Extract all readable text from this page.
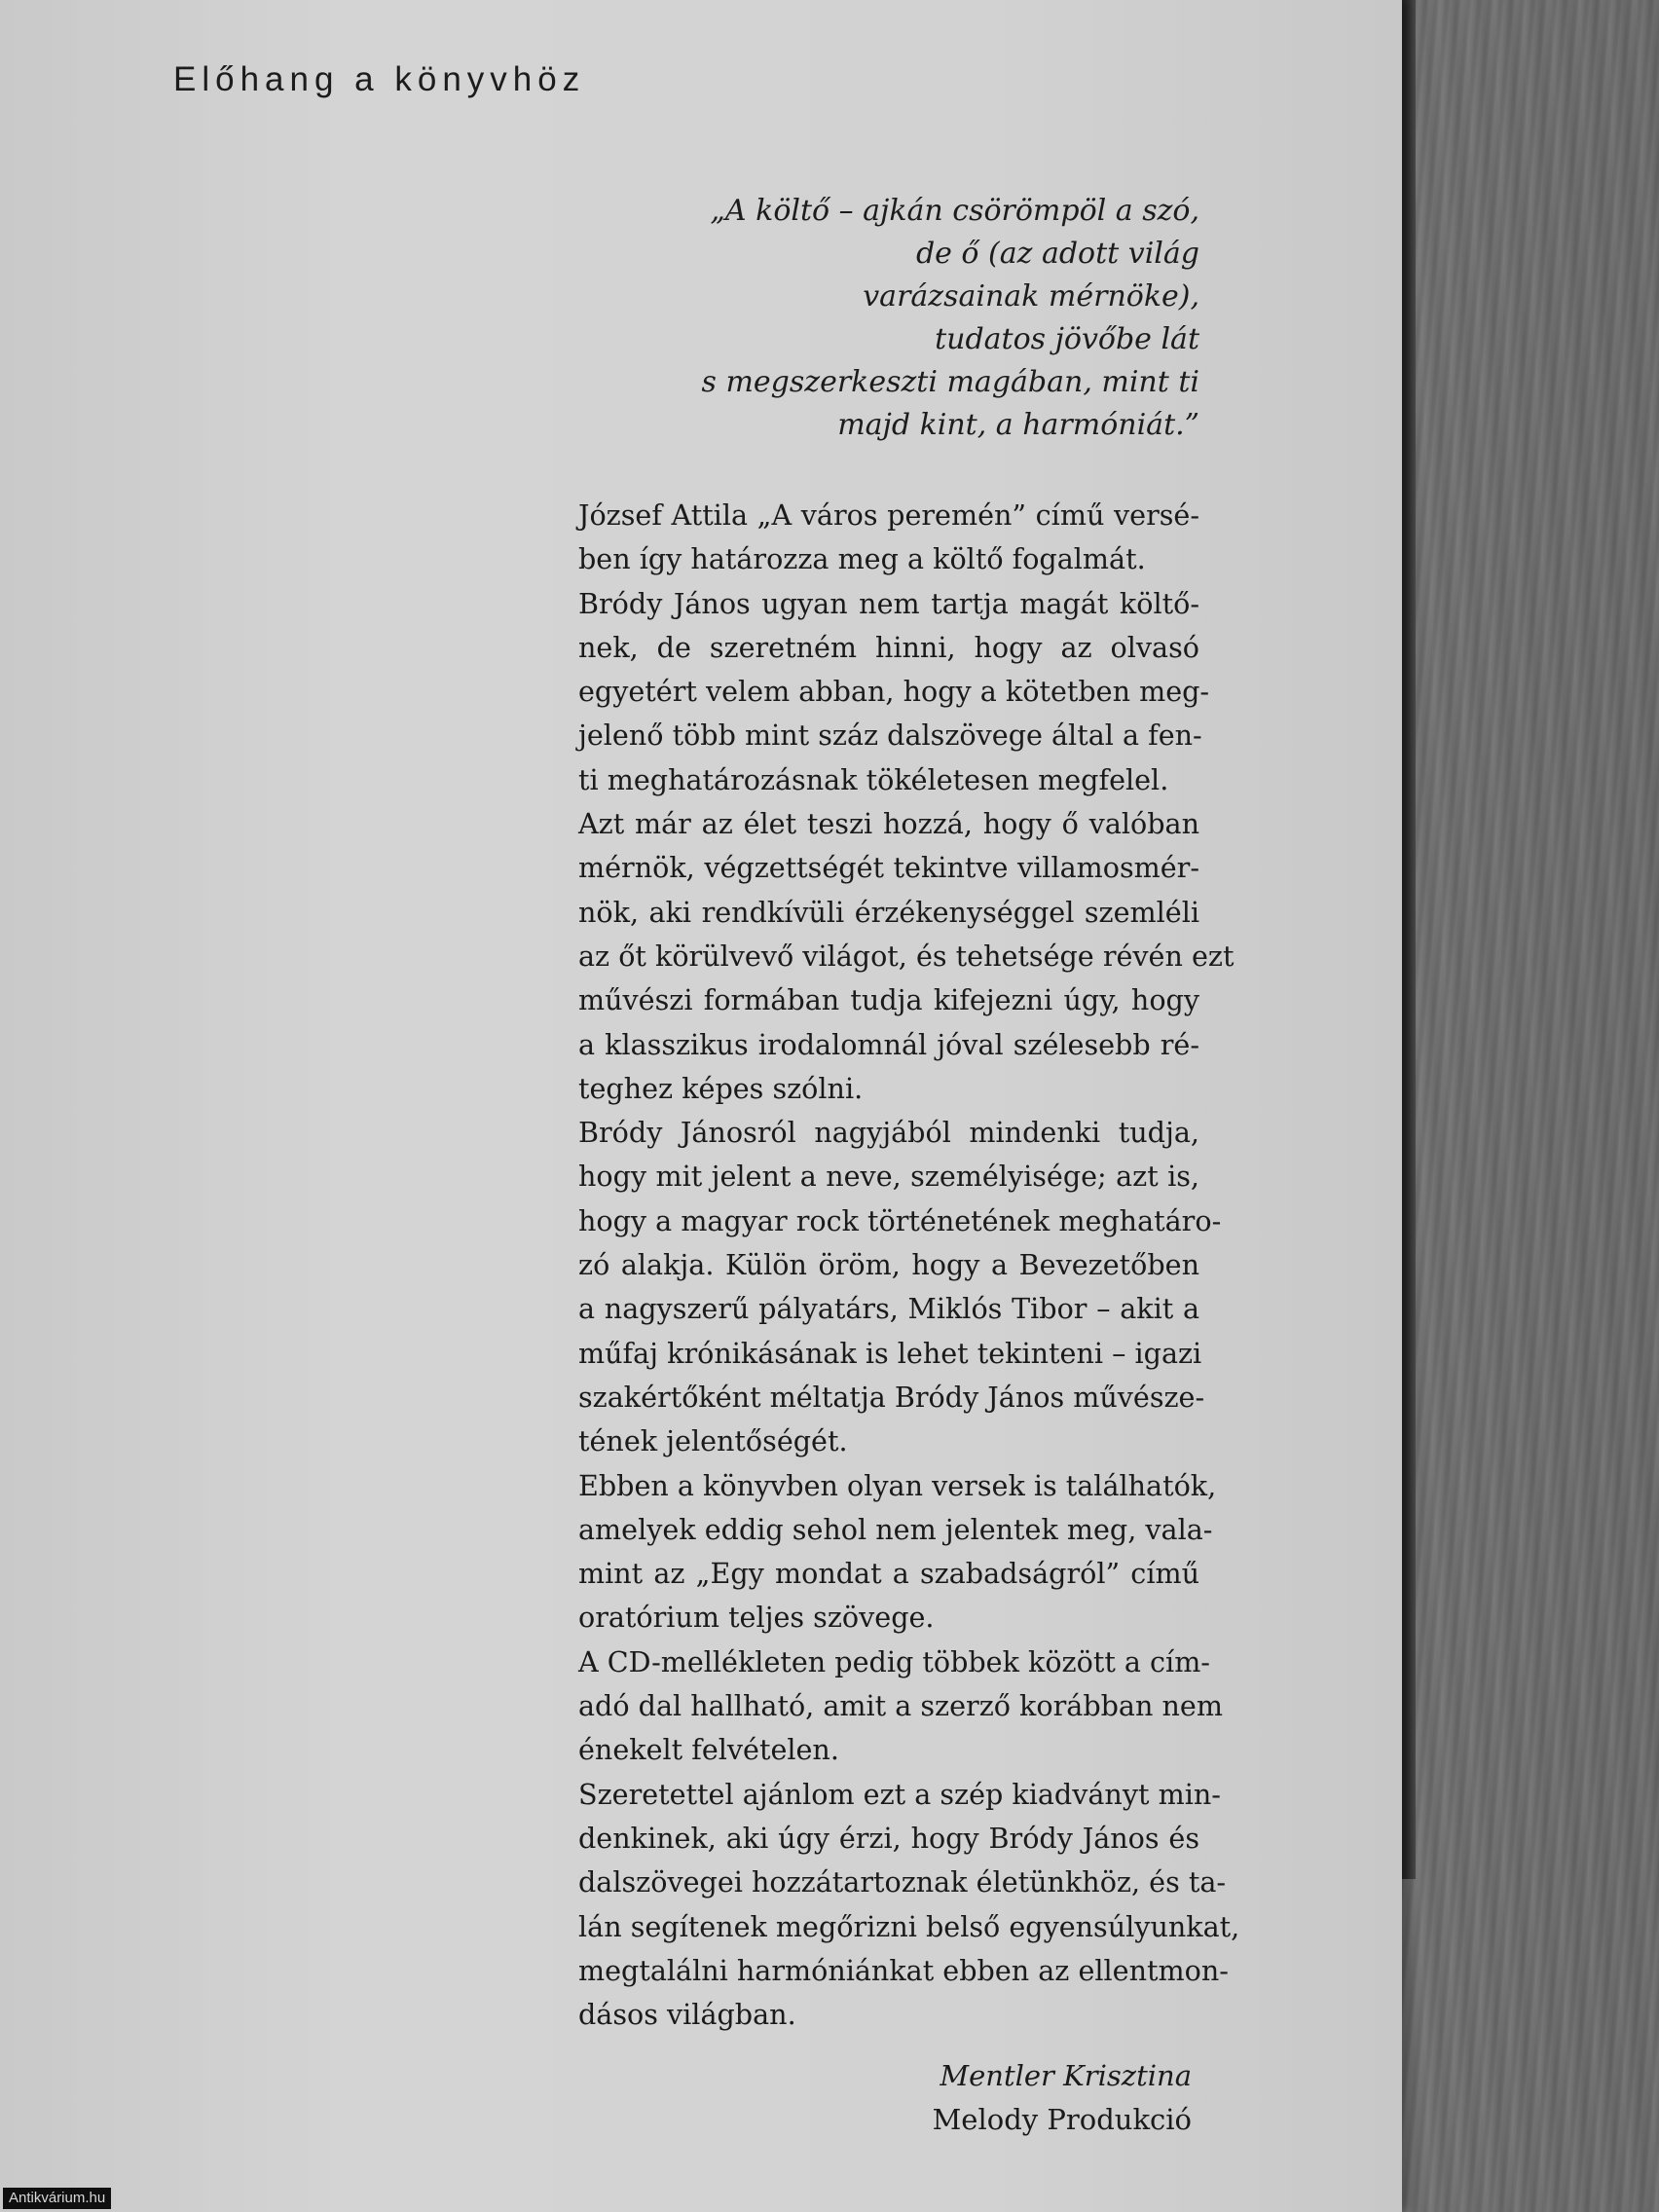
Előhang a könyvhöz
„A költő – ajkán csörömpöl a szó,
de ő (az adott világ
varázsainak mérnöke),
tudatos jövőbe lát
s megszerkeszti magában, mint ti
majd kint, a harmóniát.”
József Attila „A város peremén” című versé-
ben így határozza meg a költő fogalmát.
Bródy János ugyan nem tartja magát költő-
nek, de szeretném hinni, hogy az olvasó
egyetért velem abban, hogy a kötetben meg-
jelenő több mint száz dalszövege által a fen-
ti meghatározásnak tökéletesen megfelel.
Azt már az élet teszi hozzá, hogy ő valóban
mérnök, végzettségét tekintve villamosmér-
nök, aki rendkívüli érzékenységgel szemléli
az őt körülvevő világot, és tehetsége révén ezt
művészi formában tudja kifejezni úgy, hogy
a klasszikus irodalomnál jóval szélesebb ré-
teghez képes szólni.
Bródy Jánosról nagyjából mindenki tudja,
hogy mit jelent a neve, személyisége; azt is,
hogy a magyar rock történetének meghatáro-
zó alakja. Külön öröm, hogy a Bevezetőben
a nagyszerű pályatárs, Miklós Tibor – akit a
műfaj krónikásának is lehet tekinteni – igazi
szakértőként méltatja Bródy János művésze-
tének jelentőségét.
Ebben a könyvben olyan versek is találhatók,
amelyek eddig sehol nem jelentek meg, vala-
mint az „Egy mondat a szabadságról” című
oratórium teljes szövege.
A CD-mellékleten pedig többek között a cím-
adó dal hallható, amit a szerző korábban nem
énekelt felvételen.
Szeretettel ajánlom ezt a szép kiadványt min-
denkinek, aki úgy érzi, hogy Bródy János és
dalszövegei hozzátartoznak életünkhöz, és ta-
lán segítenek megőrizni belső egyensúlyunkat,
megtalálni harmóniánkat ebben az ellentmon-
dásos világban.
Mentler Krisztina
Melody Produkció
Antikvárium.hu
